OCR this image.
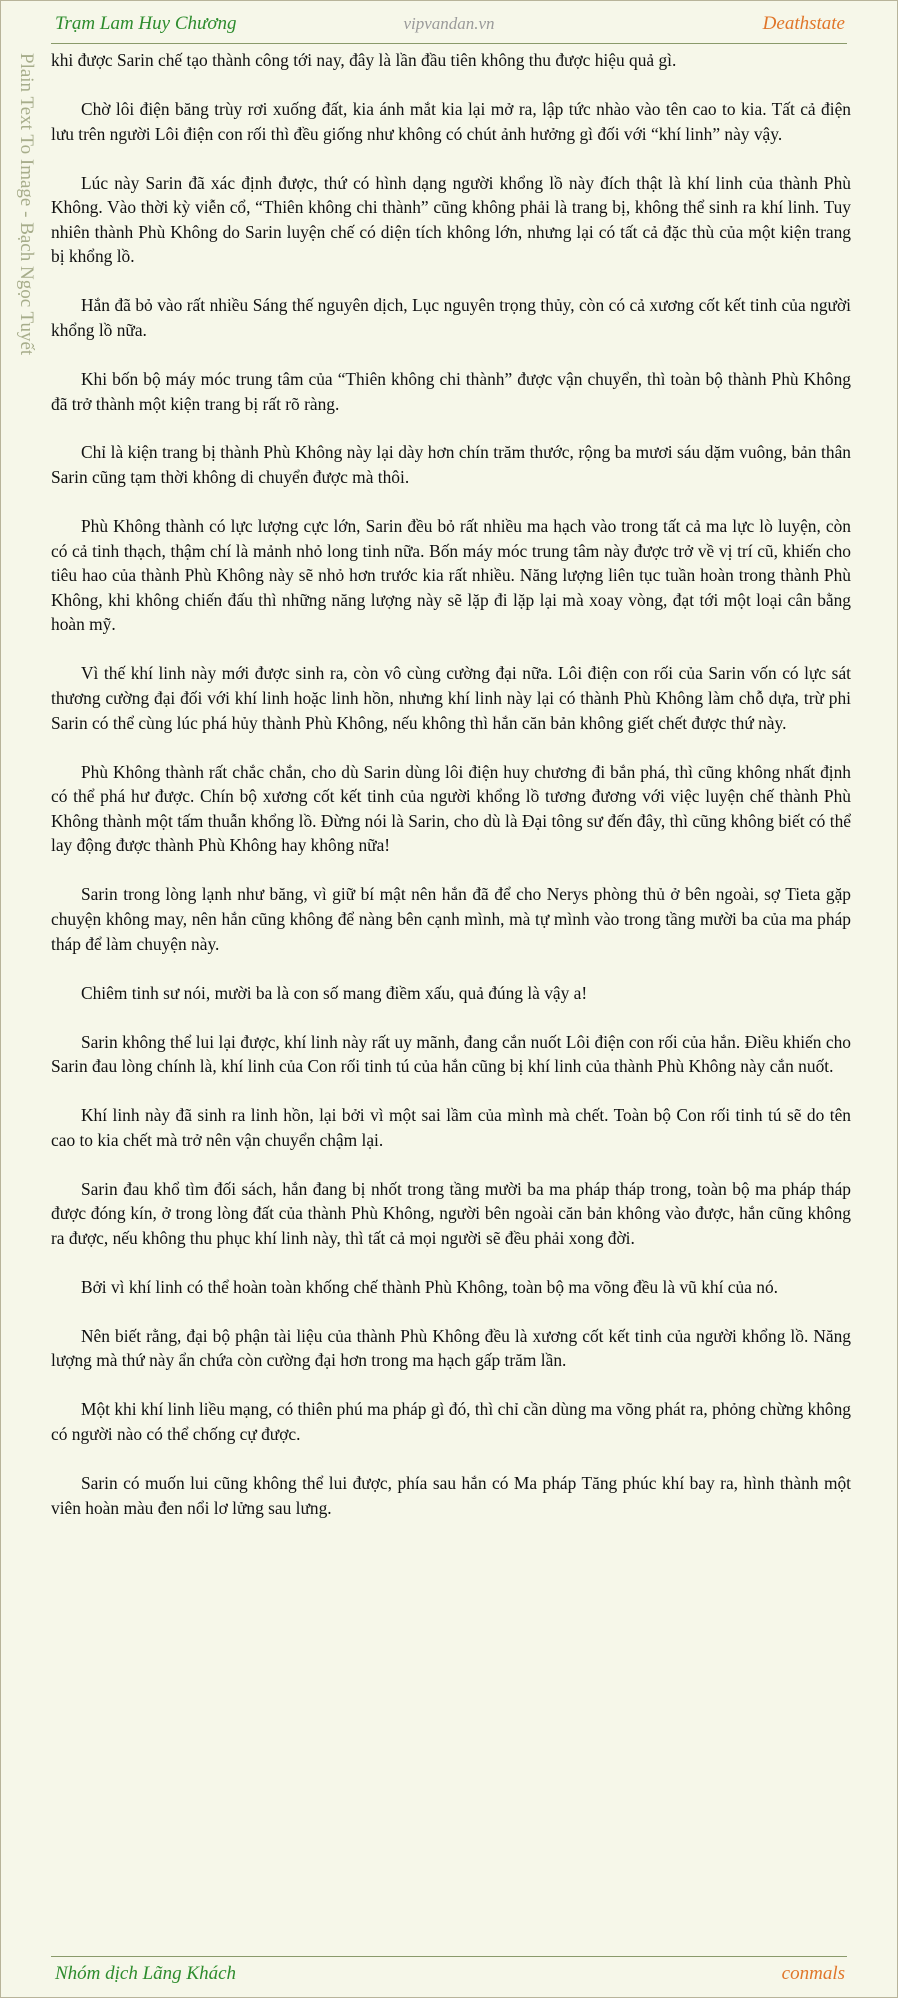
Trạm Lam Huy Chương	vipvandan.vn	Deathstate
Plain Text To Image - Bạch Ngọc Tuyết khi được Sarin chế tạo thành công tới nay, đây là lần đầu tiên không thu được hiệu quả gì.

Chờ lôi điện băng trùy rơi xuống đất, kia ánh mắt kia lại mở ra, lập tức nhào vào tên cao to kia. Tất cả điện lưu trên người Lôi điện con rối thì đều giống như không có chút ảnh hưởng gì đối với “khí linh” này vậy.

Lúc này Sarin đã xác định được, thứ có hình dạng người khổng lồ này đích thật là khí linh của thành Phù Không. Vào thời kỳ viễn cổ, “Thiên không chi thành” cũng không phải là trang bị, không thể sinh ra khí linh. Tuy nhiên thành Phù Không do Sarin luyện chế có diện tích không lớn, nhưng lại có tất cả đặc thù của một kiện trang bị khổng lồ.

Hắn đã bỏ vào rất nhiều Sáng thế nguyên dịch, Lục nguyên trọng thủy, còn có cả xương cốt kết tinh của người khổng lồ nữa.

Khi bốn bộ máy móc trung tâm của “Thiên không chi thành” được vận chuyển, thì toàn bộ thành Phù Không đã trở thành một kiện trang bị rất rõ ràng.

Chỉ là kiện trang bị thành Phù Không này lại dày hơn chín trăm thước, rộng ba mươi sáu dặm vuông, bản thân Sarin cũng tạm thời không di chuyển được mà thôi.

Phù Không thành có lực lượng cực lớn, Sarin đều bỏ rất nhiều ma hạch vào trong tất cả ma lực lò luyện, còn có cả tinh thạch, thậm chí là mảnh nhỏ long tinh nữa. Bốn máy móc trung tâm này được trở về vị trí cũ, khiến cho tiêu hao của thành Phù Không này sẽ nhỏ hơn trước kia rất nhiều. Năng lượng liên tục tuần hoàn trong thành Phù Không, khi không chiến đấu thì những năng lượng này sẽ lặp đi lặp lại mà xoay vòng, đạt tới một loại cân bằng hoàn mỹ.

Vì thế khí linh này mới được sinh ra, còn vô cùng cường đại nữa. Lôi điện con rối của Sarin vốn có lực sát thương cường đại đối với khí linh hoặc linh hồn, nhưng khí linh này lại có thành Phù Không làm chỗ dựa, trừ phi Sarin có thể cùng lúc phá hủy thành Phù Không, nếu không thì hắn căn bản không giết chết được thứ này.

Phù Không thành rất chắc chắn, cho dù Sarin dùng lôi điện huy chương đi bắn phá, thì cũng không nhất định có thể phá hư được. Chín bộ xương cốt kết tinh của người khổng lồ tương đương với việc luyện chế thành Phù Không thành một tấm thuẫn khổng lồ. Đừng nói là Sarin, cho dù là Đại tông sư đến đây, thì cũng không biết có thể lay động được thành Phù Không hay không nữa!

Sarin trong lòng lạnh như băng, vì giữ bí mật nên hắn đã để cho Nerys phòng thủ ở bên ngoài, sợ Tieta gặp chuyện không may, nên hắn cũng không để nàng bên cạnh mình, mà tự mình vào trong tầng mười ba của ma pháp tháp để làm chuyện này.

Chiêm tinh sư nói, mười ba là con số mang điềm xấu, quả đúng là vậy a!

Sarin không thể lui lại được, khí linh này rất uy mãnh, đang cắn nuốt Lôi điện con rối của hắn. Điều khiến cho Sarin đau lòng chính là, khí linh của Con rối tinh tú của hắn cũng bị khí linh của thành Phù Không này cắn nuốt.

Khí linh này đã sinh ra linh hồn, lại bởi vì một sai lầm của mình mà chết. Toàn bộ Con rối tinh tú sẽ do tên cao to kia chết mà trở nên vận chuyển chậm lại.

Sarin đau khổ tìm đối sách, hắn đang bị nhốt trong tầng mười ba ma pháp tháp trong, toàn bộ ma pháp tháp được đóng kín, ở trong lòng đất của thành Phù Không, người bên ngoài căn bản không vào được, hắn cũng không ra được, nếu không thu phục khí linh này, thì tất cả mọi người sẽ đều phải xong đời.

Bởi vì khí linh có thể hoàn toàn khống chế thành Phù Không, toàn bộ ma võng đều là vũ khí của nó.

Nên biết rằng, đại bộ phận tài liệu của thành Phù Không đều là xương cốt kết tinh của người khổng lồ. Năng lượng mà thứ này ẩn chứa còn cường đại hơn trong ma hạch gấp trăm lần.

Một khi khí linh liều mạng, có thiên phú ma pháp gì đó, thì chỉ cần dùng ma võng phát ra, phỏng chừng không có người nào có thể chống cự được.

Sarin có muốn lui cũng không thể lui được, phía sau hắn có Ma pháp Tăng phúc khí bay ra, hình thành một viên hoàn màu đen nổi lơ lửng sau lưng.

Nhóm dịch Lãng Khách	conmals
